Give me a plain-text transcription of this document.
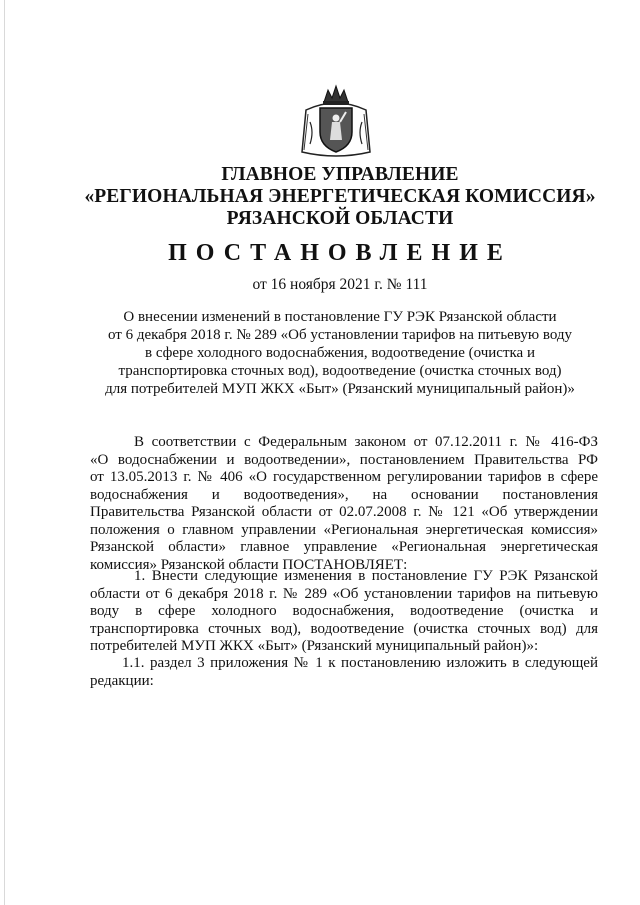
ГЛАВНОЕ УПРАВЛЕНИЕ
«РЕГИОНАЛЬНАЯ ЭНЕРГЕТИЧЕСКАЯ КОМИССИЯ»
РЯЗАНСКОЙ ОБЛАСТИ
ПОСТАНОВЛЕНИЕ
от 16 ноября 2021 г. № 111
О внесении изменений в постановление ГУ РЭК Рязанской области
от 6 декабря 2018 г. № 289 «Об установлении тарифов на питьевую воду
в сфере холодного водоснабжения, водоотведение (очистка и
транспортировка сточных вод), водоотведение (очистка сточных вод)
для потребителей МУП ЖКХ «Быт» (Рязанский муниципальный район)»
В соответствии с Федеральным законом от 07.12.2011 г. № 416-ФЗ
«О водоснабжении и водоотведении», постановлением Правительства РФ
от 13.05.2013 г. № 406 «О государственном регулировании тарифов в сфере
водоснабжения и водоотведения», на основании постановления
Правительства Рязанской области от 02.07.2008 г. № 121 «Об утверждении
положения о главном управлении «Региональная энергетическая комиссия»
Рязанской области» главное управление «Региональная энергетическая
комиссия» Рязанской области ПОСТАНОВЛЯЕТ:
1. Внести следующие изменения в постановление ГУ РЭК Рязанской
области от 6 декабря 2018 г. № 289 «Об установлении тарифов на питьевую
воду в сфере холодного водоснабжения, водоотведение (очистка и
транспортировка сточных вод), водоотведение (очистка сточных вод) для
потребителей МУП ЖКХ «Быт» (Рязанский муниципальный район)»:
1.1. раздел 3 приложения № 1 к постановлению изложить в следующей
редакции:
